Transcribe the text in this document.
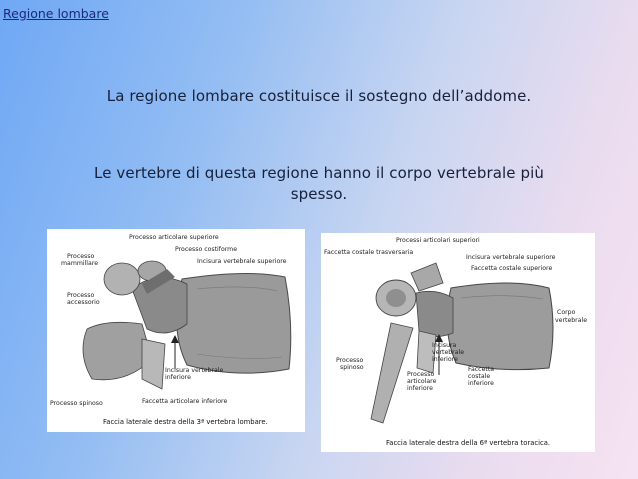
Regione lombare
La regione lombare costituisce il sostegno dell’addome.
Le vertebre di questa regione hanno il corpo vertebrale più
spesso.
Processo articolare superiore
Processo costiforme
Incisura vertebrale superiore
Processo
mammillare
Processo
accessorio
Incisura vertebrale
inferiore
Processo spinoso	Faccetta articolare inferiore
Faccia laterale destra della 3ª vertebra lombare.
Processi articolari superiori
Faccetta costale trasversaria
Incisura vertebrale superiore
Faccetta costale superiore
Corpo
vertebrale
Processo
spinoso
Incisura
vertebrale
inferiore
Processo
articolare
inferiore
Faccetta
costale
inferiore
Faccia laterale destra della 6ª vertebra toracica.
